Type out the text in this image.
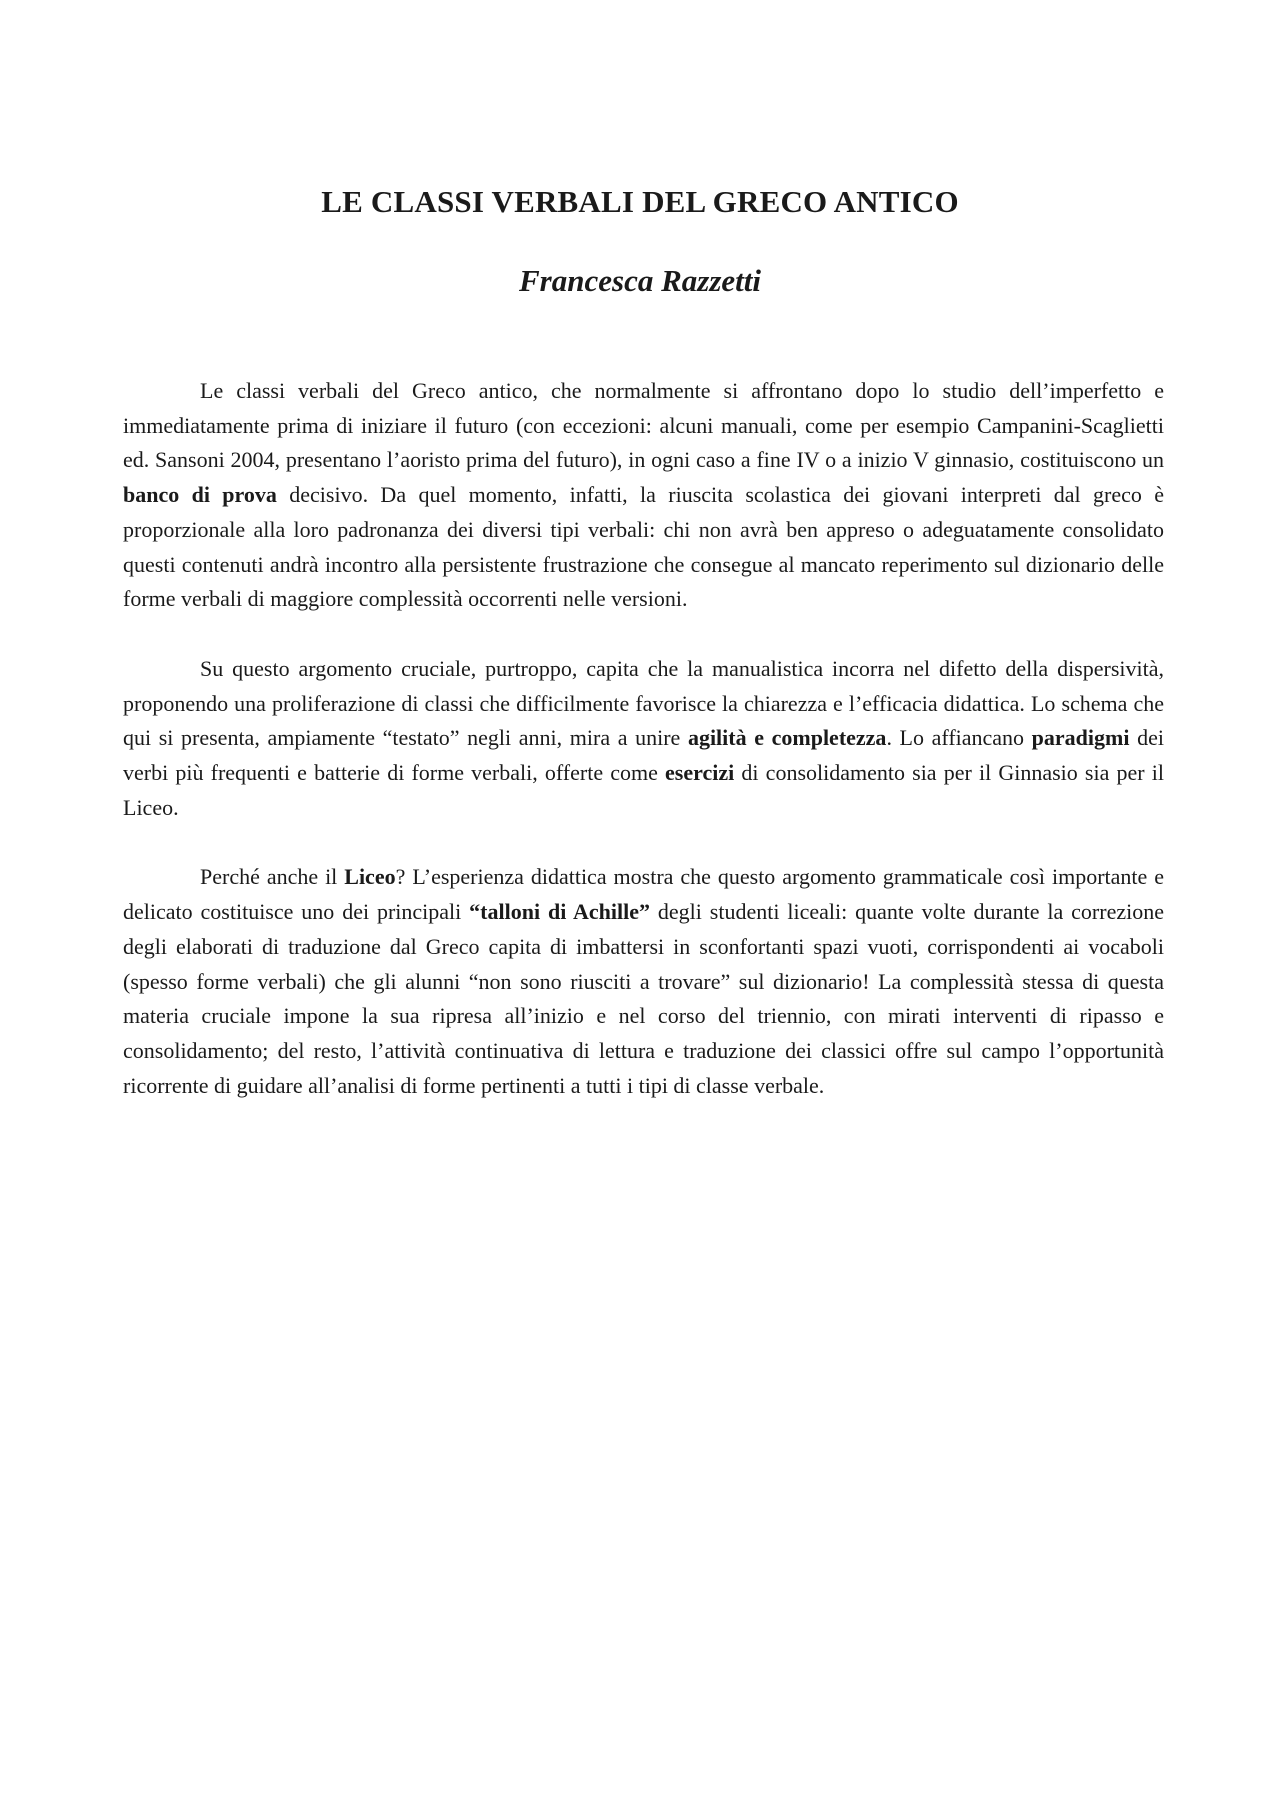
LE CLASSI VERBALI DEL GRECO ANTICO
Francesca Razzetti

Le classi verbali del Greco antico, che normalmente si affrontano dopo lo studio dell’imperfetto e immediatamente prima di iniziare il futuro (con eccezioni: alcuni manuali, come per esempio Campanini-Scaglietti ed. Sansoni 2004, presentano l’aoristo prima del futuro), in ogni caso a fine IV o a inizio V ginnasio, costituiscono un banco di prova decisivo. Da quel momento, infatti, la riuscita scolastica dei giovani interpreti dal greco è proporzionale alla loro padronanza dei diversi tipi verbali: chi non avrà ben appreso o adeguatamente consolidato questi contenuti andrà incontro alla persistente frustrazione che consegue al mancato reperimento sul dizionario delle forme verbali di maggiore complessità occorrenti nelle versioni.

Su questo argomento cruciale, purtroppo, capita che la manualistica incorra nel difetto della dispersività, proponendo una proliferazione di classi che difficilmente favorisce la chiarezza e l’efficacia didattica. Lo schema che qui si presenta, ampiamente “testato” negli anni, mira a unire agilità e completezza. Lo affiancano paradigmi dei verbi più frequenti e batterie di forme verbali, offerte come esercizi di consolidamento sia per il Ginnasio sia per il Liceo.

Perché anche il Liceo? L’esperienza didattica mostra che questo argomento grammaticale così importante e delicato costituisce uno dei principali “talloni di Achille” degli studenti liceali: quante volte durante la correzione degli elaborati di traduzione dal Greco capita di imbattersi in sconfortanti spazi vuoti, corrispondenti ai vocaboli (spesso forme verbali) che gli alunni “non sono riusciti a trovare” sul dizionario! La complessità stessa di questa materia cruciale impone la sua ripresa all’inizio e nel corso del triennio, con mirati interventi di ripasso e consolidamento; del resto, l’attività continuativa di lettura e traduzione dei classici offre sul campo l’opportunità ricorrente di guidare all’analisi di forme pertinenti a tutti i tipi di classe verbale.
